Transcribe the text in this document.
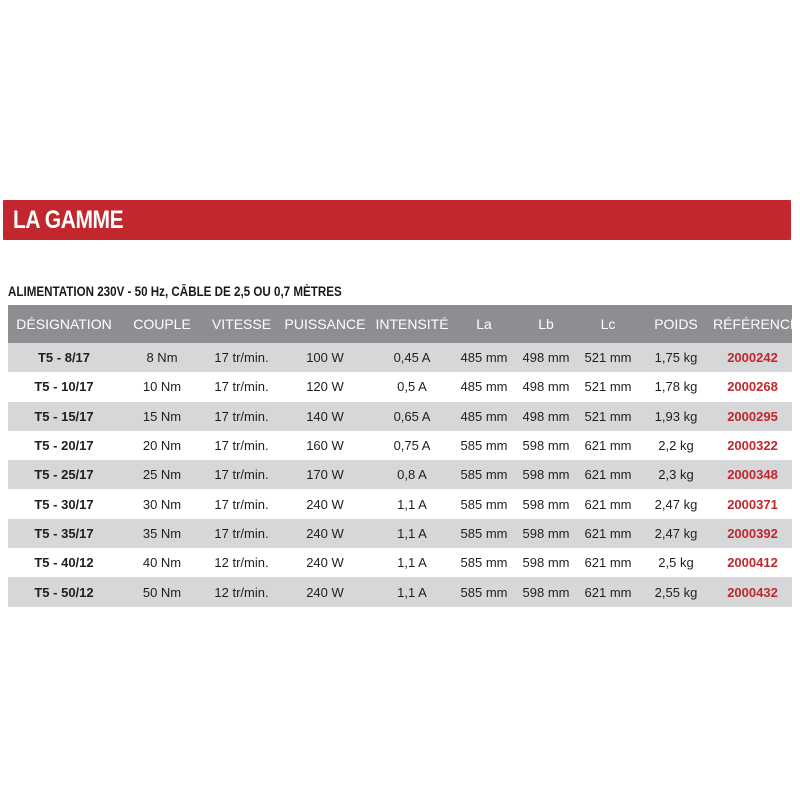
LA GAMME
ALIMENTATION 230V - 50 Hz, CÂBLE DE 2,5 OU 0,7 MÈTRES
DÉSIGNATION	COUPLE	VITESSE	PUISSANCE	INTENSITÉ	La	Lb	Lc	POIDS	RÉFÉRENCE
T5 - 8/17	8 Nm	17 tr/min.	100 W	0,45 A	485 mm	498 mm	521 mm	1,75 kg	2000242
T5 - 10/17	10 Nm	17 tr/min.	120 W	0,5 A	485 mm	498 mm	521 mm	1,78 kg	2000268
T5 - 15/17	15 Nm	17 tr/min.	140 W	0,65 A	485 mm	498 mm	521 mm	1,93 kg	2000295
T5 - 20/17	20 Nm	17 tr/min.	160 W	0,75 A	585 mm	598 mm	621 mm	2,2 kg	2000322
T5 - 25/17	25 Nm	17 tr/min.	170 W	0,8 A	585 mm	598 mm	621 mm	2,3 kg	2000348
T5 - 30/17	30 Nm	17 tr/min.	240 W	1,1 A	585 mm	598 mm	621 mm	2,47 kg	2000371
T5 - 35/17	35 Nm	17 tr/min.	240 W	1,1 A	585 mm	598 mm	621 mm	2,47 kg	2000392
T5 - 40/12	40 Nm	12 tr/min.	240 W	1,1 A	585 mm	598 mm	621 mm	2,5 kg	2000412
T5 - 50/12	50 Nm	12 tr/min.	240 W	1,1 A	585 mm	598 mm	621 mm	2,55 kg	2000432
